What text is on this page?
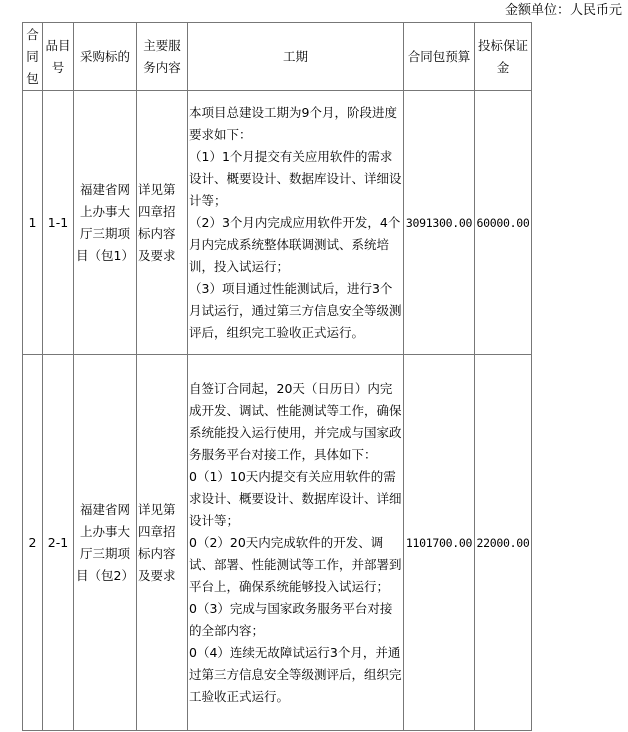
金额单位：人民币元
合同包	品目号	采购标的	主要服务内容	工期	合同包预算	投标保证金
1	1-1	福建省网上办事大厅三期项目（包1）	详见第四章招标内容及要求	本项目总建设工期为9个月，阶段进度要求如下：
（1）1个月提交有关应用软件的需求设计、概要设计、数据库设计、详细设计等；
（2）3个月内完成应用软件开发，4个月内完成系统整体联调测试、系统培训，投入试运行；
（3）项目通过性能测试后，进行3个月试运行，通过第三方信息安全等级测评后，组织完工验收正式运行。	3091300.00	60000.00
2	2-1	福建省网上办事大厅三期项目（包2）	详见第四章招标内容及要求	自签订合同起，20天（日历日）内完成开发、调试、性能测试等工作，确保系统能投入运行使用，并完成与国家政务服务平台对接工作，具体如下：
0（1）10天内提交有关应用软件的需求设计、概要设计、数据库设计、详细设计等；
0（2）20天内完成软件的开发、调试、部署、性能测试等工作，并部署到平台上，确保系统能够投入试运行；
0（3）完成与国家政务服务平台对接的全部内容；
0（4）连续无故障试运行3个月，并通过第三方信息安全等级测评后，组织完工验收正式运行。	1101700.00	22000.00
